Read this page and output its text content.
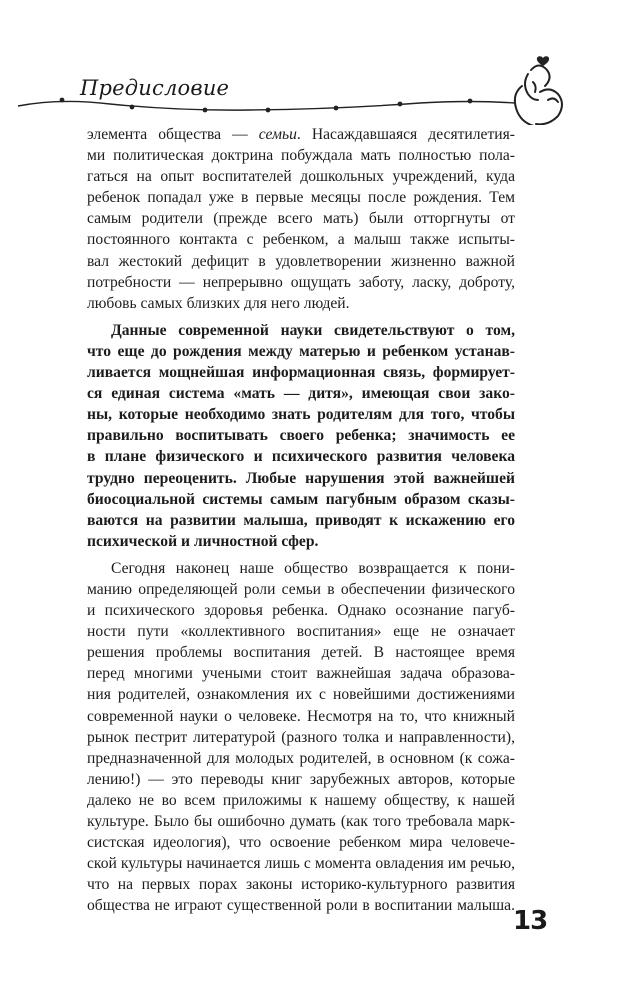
Предисловие
элемента общества — семьи. Насаждавшаяся десятилетия-
ми политическая доктрина побуждала мать полностью пола-
гаться на опыт воспитателей дошкольных учреждений, куда
ребенок попадал уже в первые месяцы после рождения. Тем
самым родители (прежде всего мать) были отторгнуты от
постоянного контакта с ребенком, а малыш также испыты-
вал жестокий дефицит в удовлетворении жизненно важной
потребности — непрерывно ощущать заботу, ласку, доброту,
любовь самых близких для него людей.
Данные современной науки свидетельствуют о том,
что еще до рождения между матерью и ребенком устанав-
ливается мощнейшая информационная связь, формирует-
ся единая система «мать — дитя», имеющая свои зако-
ны, которые необходимо знать родителям для того, чтобы
правильно воспитывать своего ребенка; значимость ее
в плане физического и психического развития человека
трудно переоценить. Любые нарушения этой важнейшей
биосоциальной системы самым пагубным образом сказы-
ваются на развитии малыша, приводят к искажению его
психической и личностной сфер.
Сегодня наконец наше общество возвращается к пони-
манию определяющей роли семьи в обеспечении физического
и психического здоровья ребенка. Однако осознание пагуб-
ности пути «коллективного воспитания» еще не означает
решения проблемы воспитания детей. В настоящее время
перед многими учеными стоит важнейшая задача образова-
ния родителей, ознакомления их с новейшими достижениями
современной науки о человеке. Несмотря на то, что книжный
рынок пестрит литературой (разного толка и направленности),
предназначенной для молодых родителей, в основном (к сожа-
лению!) — это переводы книг зарубежных авторов, которые
далеко не во всем приложимы к нашему обществу, к нашей
культуре. Было бы ошибочно думать (как того требовала марк-
систская идеология), что освоение ребенком мира человече-
ской культуры начинается лишь с момента овладения им речью,
что на первых порах законы историко-культурного развития
общества не играют существенной роли в воспитании малыша.
13
